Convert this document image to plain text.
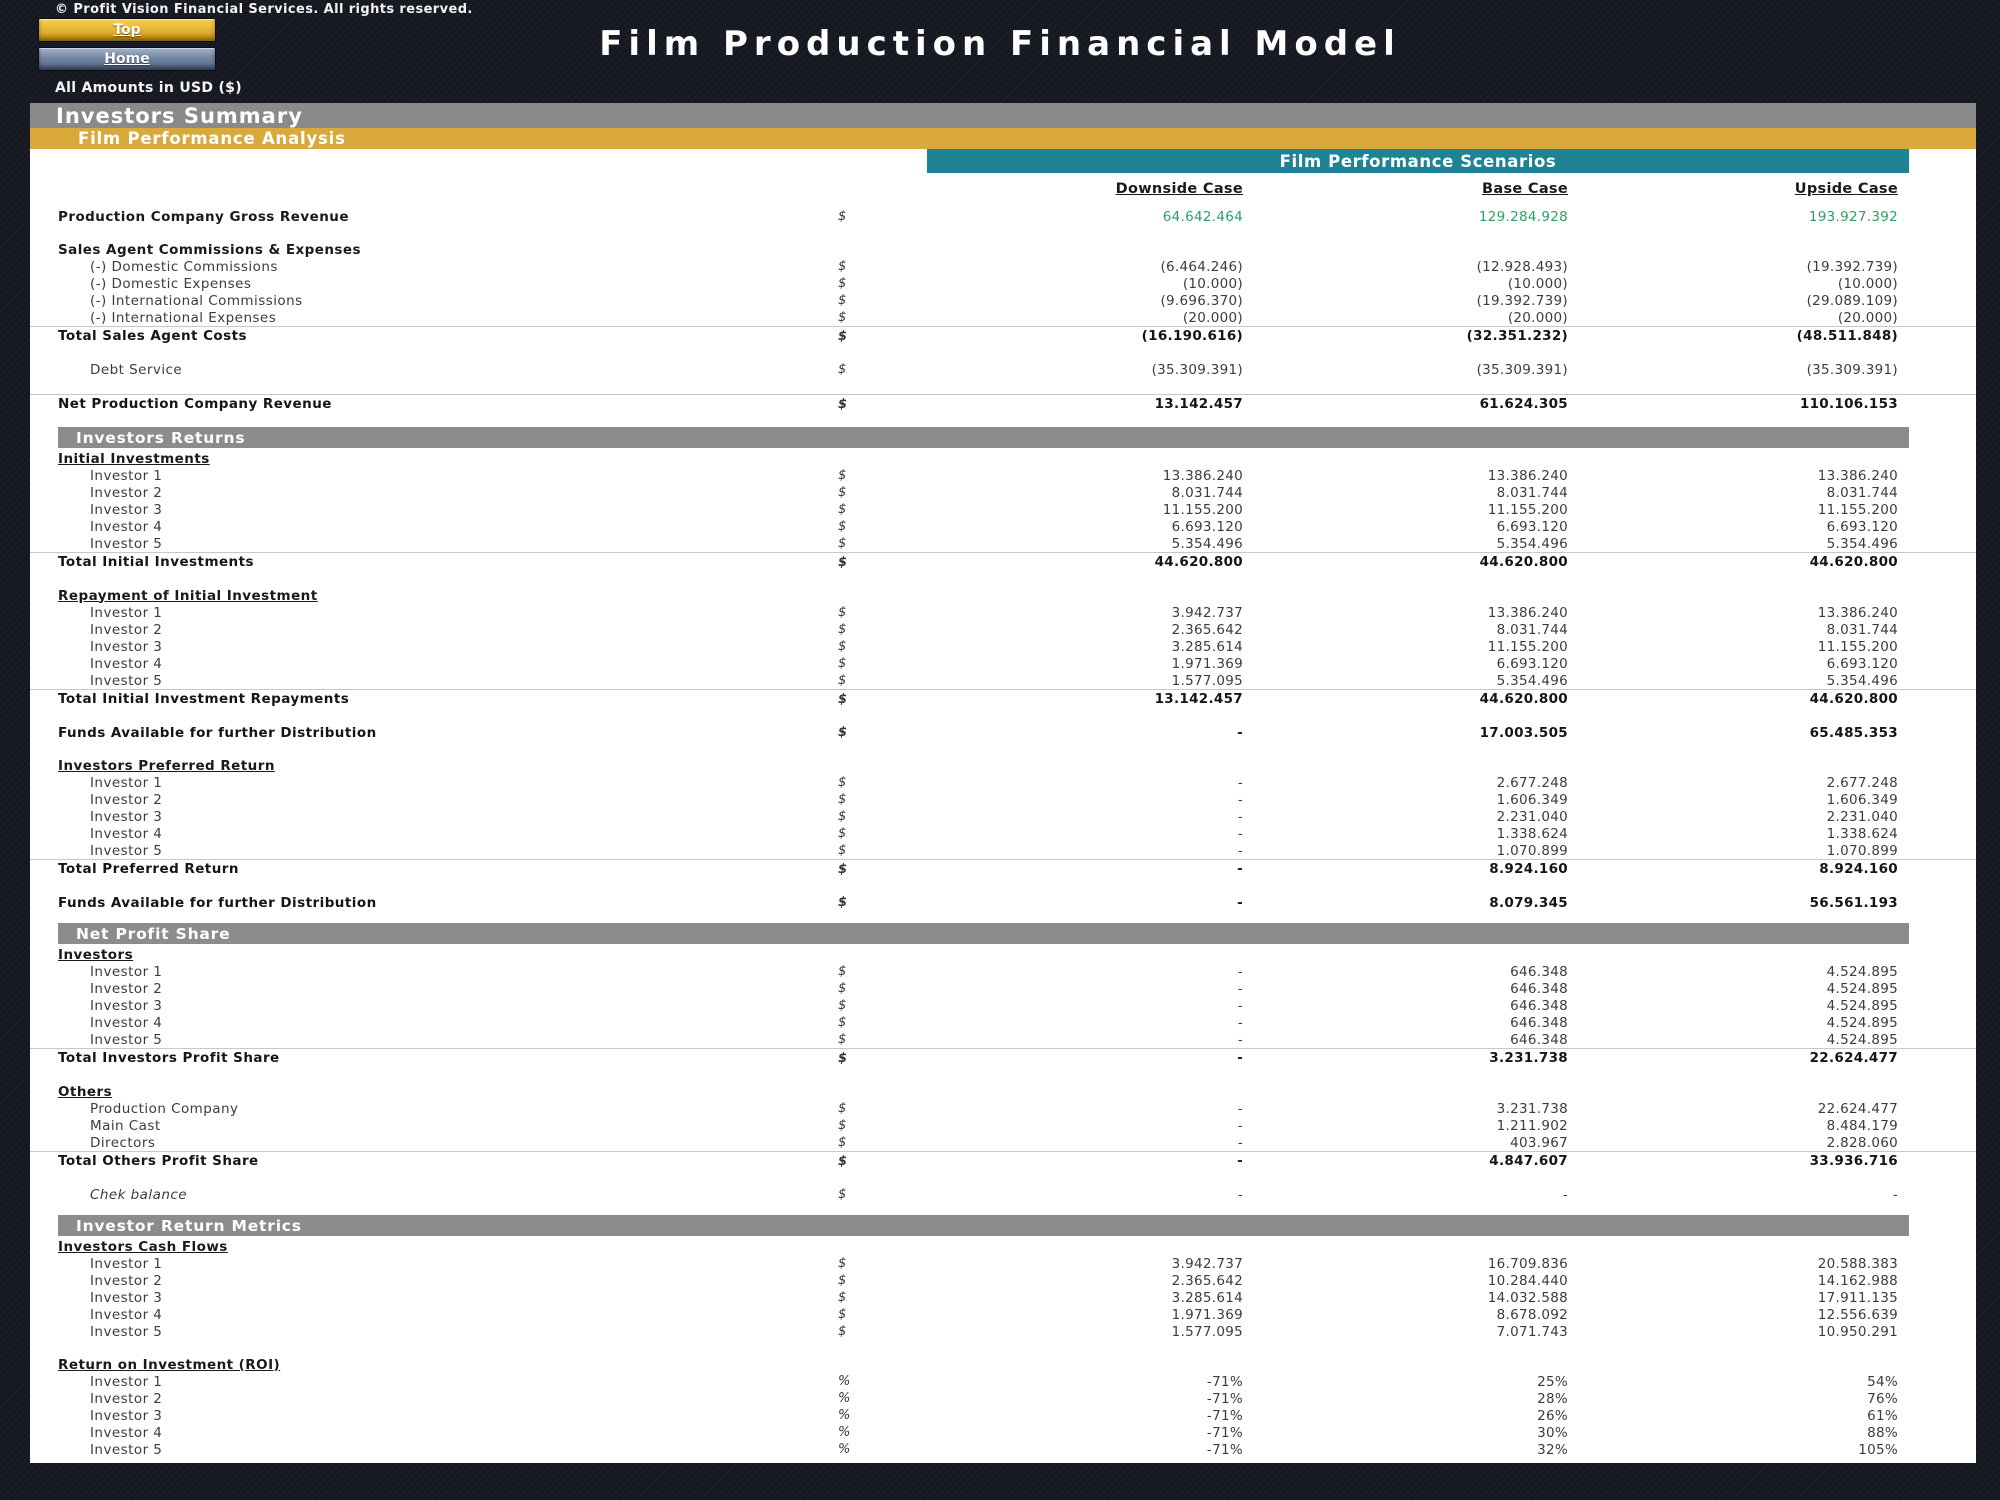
© Profit Vision Financial Services. All rights reserved.
Top
Home	Film Production Financial Model
All Amounts in USD ($)
Investors Summary
Film Performance Analysis
Film Performance Scenarios
Downside Case	Base Case	Upside Case
Production Company Gross Revenue	$	64.642.464	129.284.928	193.927.392
Sales Agent Commissions & Expenses
(-) Domestic Commissions	$	(6.464.246)	(12.928.493)	(19.392.739)
(-) Domestic Expenses	$	(10.000)	(10.000)	(10.000)
(-) International Commissions	$	(9.696.370)	(19.392.739)	(29.089.109)
(-) International Expenses	$	(20.000)	(20.000)	(20.000)
Total Sales Agent Costs	$	(16.190.616)	(32.351.232)	(48.511.848)
Debt Service	$	(35.309.391)	(35.309.391)	(35.309.391)
Net Production Company Revenue	$	13.142.457	61.624.305	110.106.153
Investors Returns
Initial Investments
Investor 1	$	13.386.240	13.386.240	13.386.240
Investor 2	$	8.031.744	8.031.744	8.031.744
Investor 3	$	11.155.200	11.155.200	11.155.200
Investor 4	$	6.693.120	6.693.120	6.693.120
Investor 5	$	5.354.496	5.354.496	5.354.496
Total Initial Investments	$	44.620.800	44.620.800	44.620.800
Repayment of Initial Investment
Investor 1	$	3.942.737	13.386.240	13.386.240
Investor 2	$	2.365.642	8.031.744	8.031.744
Investor 3	$	3.285.614	11.155.200	11.155.200
Investor 4	$	1.971.369	6.693.120	6.693.120
Investor 5	$	1.577.095	5.354.496	5.354.496
Total Initial Investment Repayments	$	13.142.457	44.620.800	44.620.800
Funds Available for further Distribution	$	-	17.003.505	65.485.353
Investors Preferred Return
Investor 1	$	-	2.677.248	2.677.248
Investor 2	$	-	1.606.349	1.606.349
Investor 3	$	-	2.231.040	2.231.040
Investor 4	$	-	1.338.624	1.338.624
Investor 5	$	-	1.070.899	1.070.899
Total Preferred Return	$	-	8.924.160	8.924.160
Funds Available for further Distribution	$	-	8.079.345	56.561.193
Net Profit Share
Investors
Investor 1	$	-	646.348	4.524.895
Investor 2	$	-	646.348	4.524.895
Investor 3	$	-	646.348	4.524.895
Investor 4	$	-	646.348	4.524.895
Investor 5	$	-	646.348	4.524.895
Total Investors Profit Share	$	-	3.231.738	22.624.477
Others
Production Company	$	-	3.231.738	22.624.477
Main Cast	$	-	1.211.902	8.484.179
Directors	$	-	403.967	2.828.060
Total Others Profit Share	$	-	4.847.607	33.936.716
Chek balance	$	-	-	-
Investor Return Metrics
Investors Cash Flows
Investor 1	$	3.942.737	16.709.836	20.588.383
Investor 2	$	2.365.642	10.284.440	14.162.988
Investor 3	$	3.285.614	14.032.588	17.911.135
Investor 4	$	1.971.369	8.678.092	12.556.639
Investor 5	$	1.577.095	7.071.743	10.950.291
Return on Investment (ROI)
Investor 1	%	-71%	25%	54%
Investor 2	%	-71%	28%	76%
Investor 3	%	-71%	26%	61%
Investor 4	%	-71%	30%	88%
Investor 5	%	-71%	32%	105%
